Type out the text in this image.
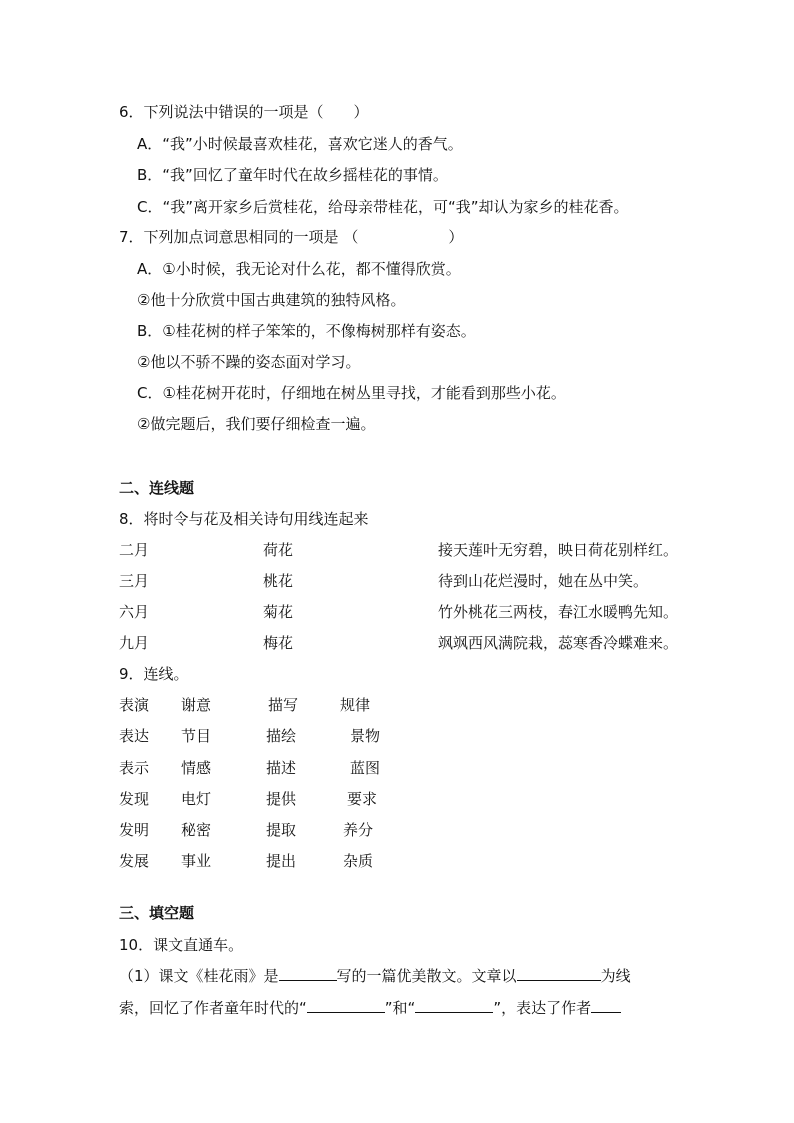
6．下列说法中错误的一项是（　　）
A．“我”小时候最喜欢桂花，喜欢它迷人的香气。
B．“我”回忆了童年时代在故乡摇桂花的事情。
C．“我”离开家乡后赏桂花，给母亲带桂花，可“我”却认为家乡的桂花香。
7．下列加点词意思相同的一项是 （　　　　　　）
A．①小时候，我无论对什么花，都不懂得欣赏。
②他十分欣赏中国古典建筑的独特风格。
B．①桂花树的样子笨笨的，不像梅树那样有姿态。
②他以不骄不躁的姿态面对学习。
C．①桂花树开花时，仔细地在树丛里寻找，才能看到那些小花。
②做完题后，我们要仔细检查一遍。
二、连线题
8．将时令与花及相关诗句用线连起来
二月	荷花	接天莲叶无穷碧，映日荷花别样红。
三月	桃花	待到山花烂漫时，她在丛中笑。
六月	菊花	竹外桃花三两枝，春江水暖鸭先知。
九月	梅花	飒飒西风满院栽，蕊寒香冷蝶难来。
9．连线。
表演 谢意	描写	规律
表达 节目	描绘	景物
表示 情感	描述	蓝图
发现 电灯	提供	要求
发明 秘密	提取	养分
发展 事业	提出	杂质
三、填空题
10．课文直通车。
（1）课文《桂花雨》是	写的一篇优美散文。文章以	为线
索，回忆了作者童年时代的“	”和“	”，表达了作者
